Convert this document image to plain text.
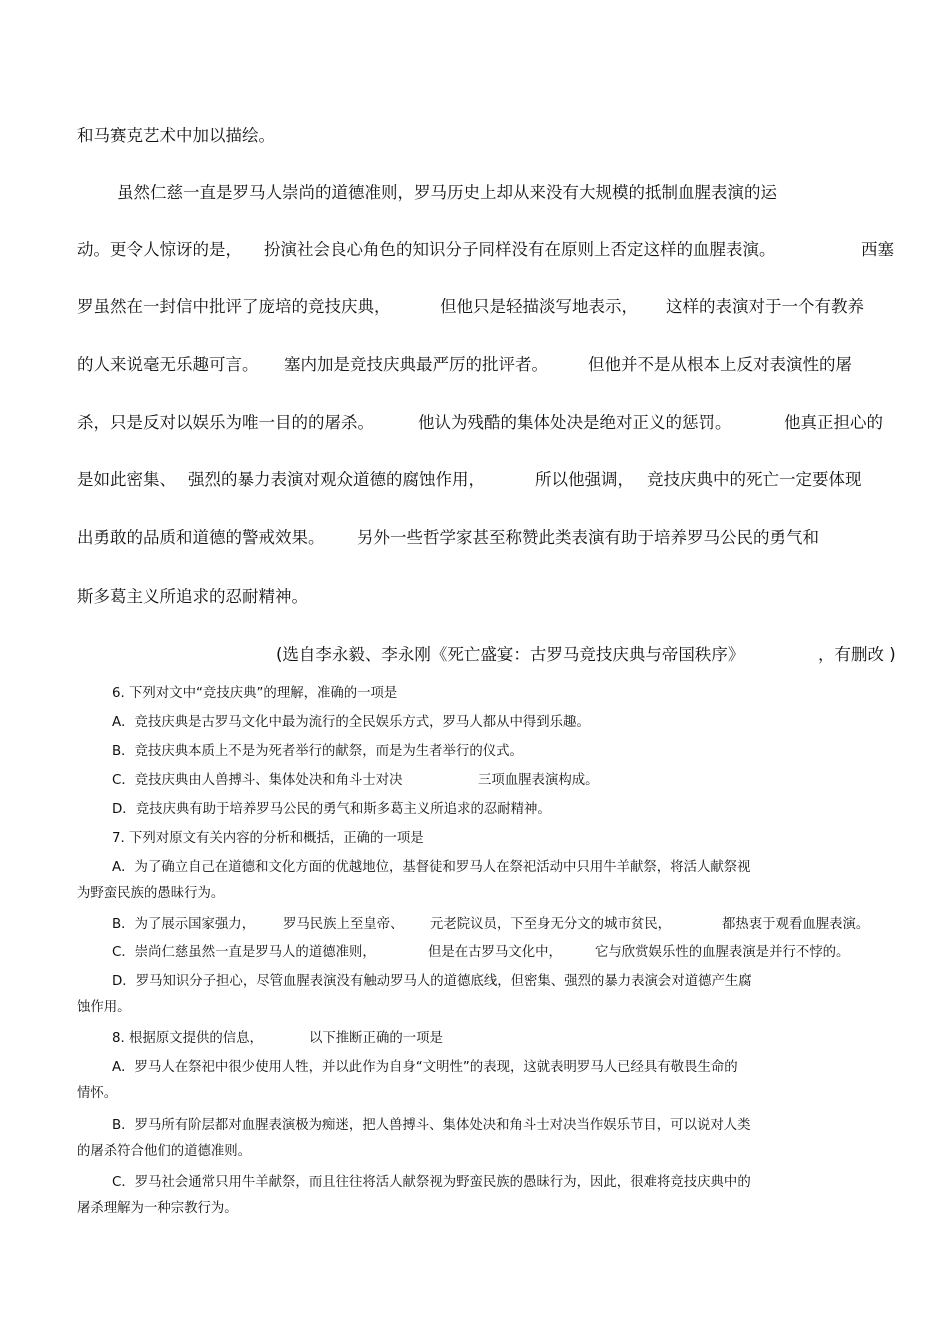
和马赛克艺术中加以描绘。

虽然仁慈一直是罗马人崇尚的道德准则，罗马历史上却从来没有大规模的抵制血腥表演的运

动。更令人惊讶的是， 扮演社会良心角色的知识分子同样没有在原则上否定这样的血腥表演。	西塞
罗虽然在一封信中批评了庞培的竞技庆典，	但他只是轻描淡写地表示， 这样的表演对于一个有教养
的人来说毫无乐趣可言。 塞内加是竞技庆典最严厉的批评者。 但他并不是从根本上反对表演性的屠
杀，只是反对以娱乐为唯一目的的屠杀。	他认为残酷的集体处决是绝对正义的惩罚。	他真正担心的
是如此密集、 强烈的暴力表演对观众道德的腐蚀作用，	所以他强调， 竞技庆典中的死亡一定要体现
出勇敢的品质和道德的警戒效果。 另外一些哲学家甚至称赞此类表演有助于培养罗马公民的勇气和

斯多葛主义所追求的忍耐精神。

(选自李永毅、李永刚《死亡盛宴：古罗马竞技庆典与帝国秩序》	，有删改 )

6. 下列对文中“竞技庆典”的理解，准确的一项是

A．竞技庆典是古罗马文化中最为流行的全民娱乐方式，罗马人都从中得到乐趣。

B．竞技庆典本质上不是为死者举行的献祭，而是为生者举行的仪式。

C．竞技庆典由人兽搏斗、集体处决和角斗士对决	三项血腥表演构成。

D．竞技庆典有助于培养罗马公民的勇气和斯多葛主义所追求的忍耐精神。

7. 下列对原文有关内容的分析和概括，正确的一项是

A．为了确立自己在道德和文化方面的优越地位，基督徒和罗马人在祭祀活动中只用牛羊献祭，将活人献祭视

为野蛮民族的愚昧行为。

B．为了展示国家强力， 罗马民族上至皇帝、 元老院议员，下至身无分文的城市贫民，	都热衷于观看血腥表演。
C．崇尚仁慈虽然一直是罗马人的道德准则，	但是在古罗马文化中， 它与欣赏娱乐性的血腥表演是并行不悖的。

D．罗马知识分子担心，尽管血腥表演没有触动罗马人的道德底线，但密集、强烈的暴力表演会对道德产生腐

蚀作用。

8. 根据原文提供的信息，	以下推断正确的一项是

A．罗马人在祭祀中很少使用人牲，并以此作为自身“文明性”的表现，这就表明罗马人已经具有敬畏生命的

情怀。

B．罗马所有阶层都对血腥表演极为痴迷，把人兽搏斗、集体处决和角斗士对决当作娱乐节目，可以说对人类

的屠杀符合他们的道德准则。

C．罗马社会通常只用牛羊献祭，而且往往将活人献祭视为野蛮民族的愚昧行为，因此，很难将竞技庆典中的

屠杀理解为一种宗教行为。
